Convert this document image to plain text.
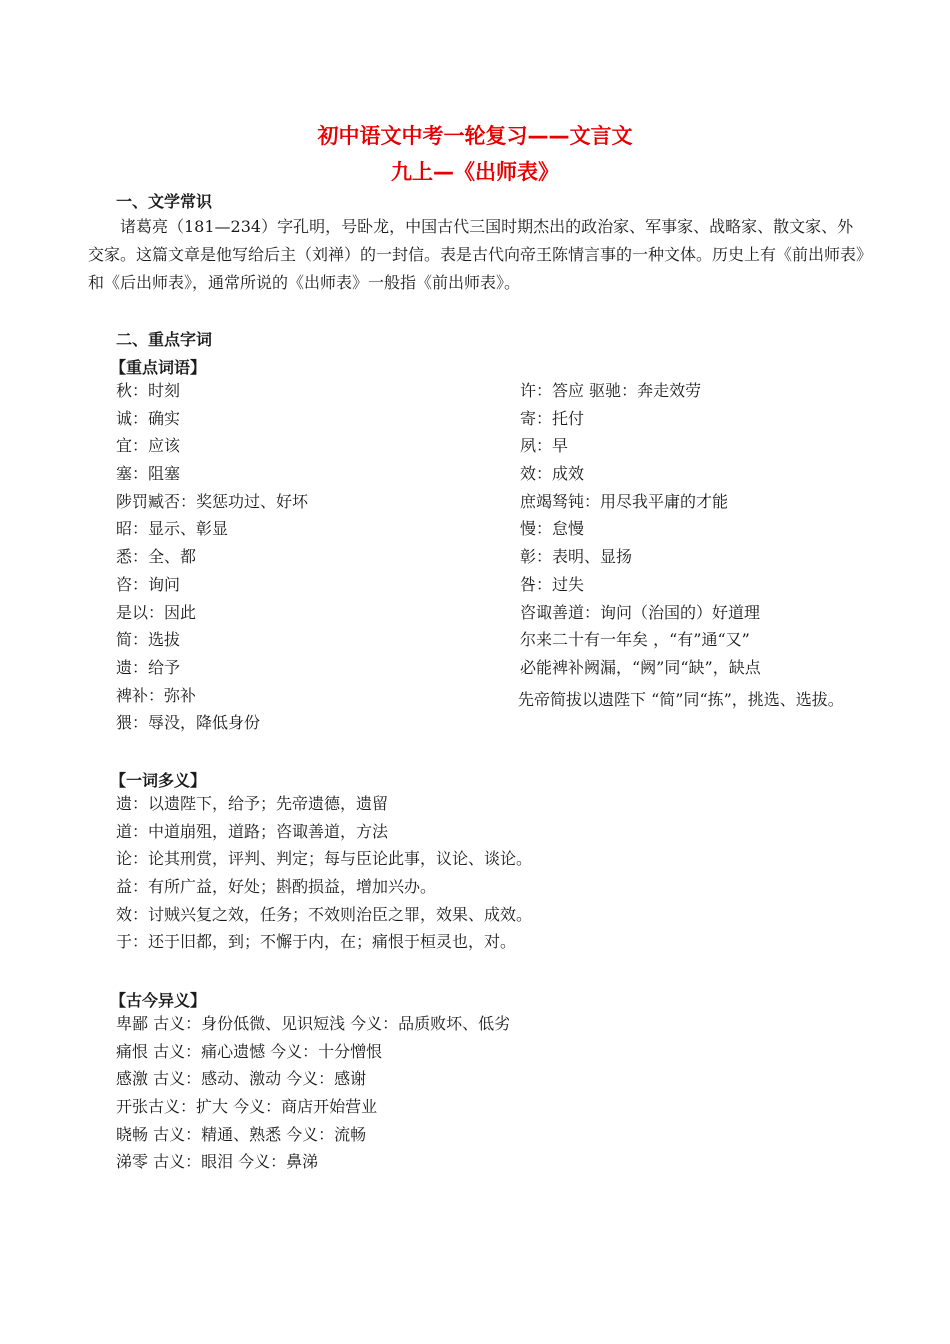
初中语文中考一轮复习——文言文
九上—《出师表》
一、文学常识
诸葛亮（181—234）字孔明，号卧龙，中国古代三国时期杰出的政治家、军事家、战略家、散文家、外交家。这篇文章是他写给后主（刘禅）的一封信。表是古代向帝王陈情言事的一种文体。历史上有《前出师表》和《后出师表》，通常所说的《出师表》一般指《前出师表》。
二、重点字词
【重点词语】
秋：时刻
诚：确实
宜：应该
塞：阻塞
陟罚臧否：奖惩功过、好坏
昭：显示、彰显
悉：全、都
咨：询问
是以：因此
简：选拔
遗：给予
裨补：弥补
猥：辱没，降低身份
许：答应 驱驰：奔走效劳
寄：托付
夙：早
效：成效
庶竭驽钝：用尽我平庸的才能
慢：怠慢
彰：表明、显扬
咎：过失
咨诹善道：询问（治国的）好道理
尔来二十有一年矣 ，“有”通“又”
必能裨补阙漏，“阙”同“缺”，缺点
先帝简拔以遗陛下 “简”同“拣”，挑选、选拔。
【一词多义】
遗：以遗陛下，给予；先帝遗德，遗留
道：中道崩殂，道路；咨诹善道，方法
论：论其刑赏，评判、判定；每与臣论此事，议论、谈论。
益：有所广益，好处；斟酌损益，增加兴办。
效：讨贼兴复之效，任务；不效则治臣之罪，效果、成效。
于：还于旧都，到；不懈于内，在；痛恨于桓灵也，对。
【古今异义】
卑鄙 古义：身份低微、见识短浅 今义：品质败坏、低劣
痛恨 古义：痛心遗憾 今义：十分憎恨
感激 古义：感动、激动 今义：感谢
开张古义：扩大 今义：商店开始营业
晓畅 古义：精通、熟悉 今义：流畅
涕零 古义：眼泪 今义：鼻涕
